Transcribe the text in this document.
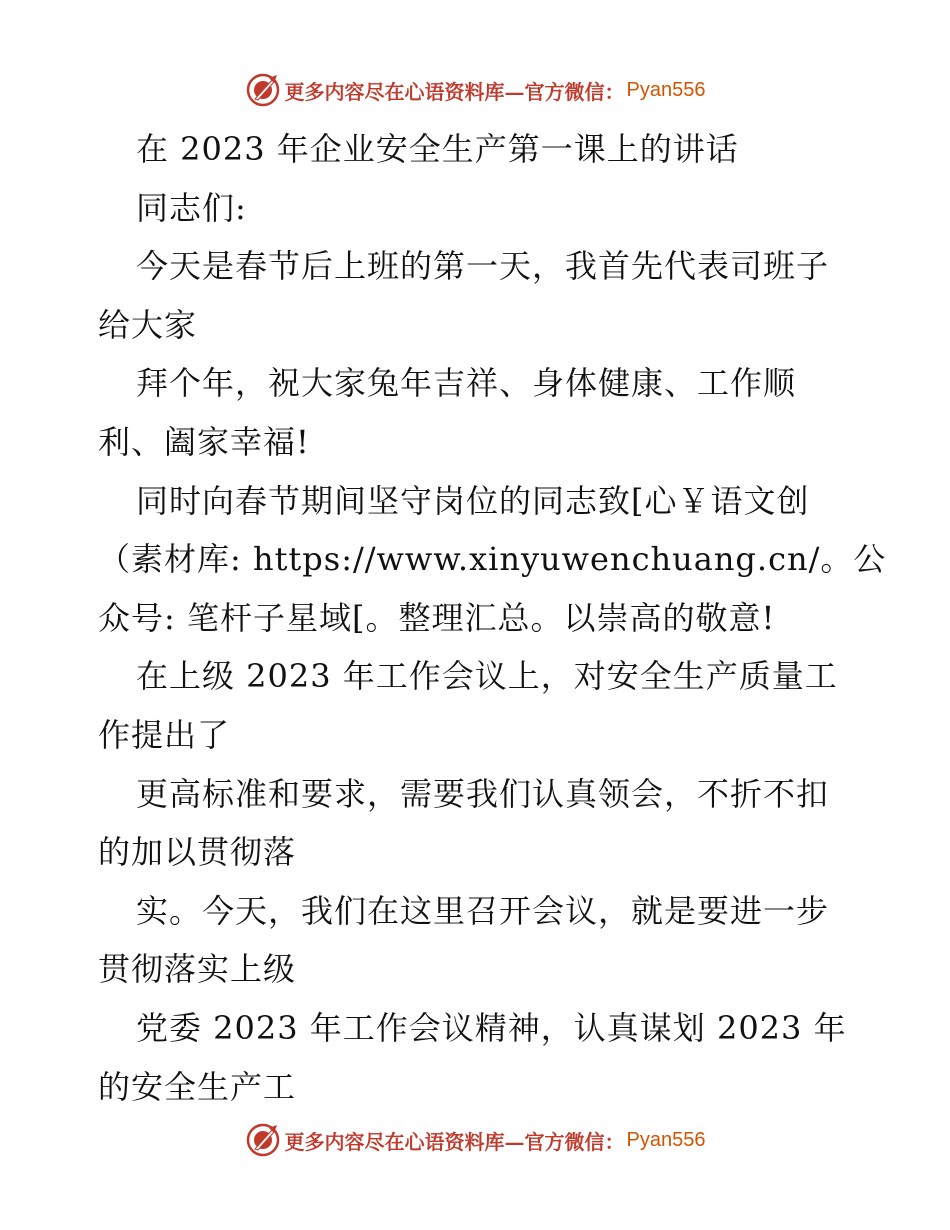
更多内容尽在心语资料库—官方微信： Pyan556
在 2023 年企业安全生产第一课上的讲话
同志们:
今天是春节后上班的第一天，我首先代表司班子
给大家
拜个年，祝大家兔年吉祥、身体健康、工作顺
利、阖家幸福!
同时向春节期间坚守岗位的同志致[心￥语文创
（素材库: https://www.xinyuwenchuang.cn/。公
众号: 笔杆子星域[。整理汇总。以崇高的敬意!
在上级 2023 年工作会议上，对安全生产质量工
作提出了
更高标准和要求，需要我们认真领会，不折不扣
的加以贯彻落
实。今天，我们在这里召开会议，就是要进一步
贯彻落实上级
党委 2023 年工作会议精神，认真谋划 2023 年
的安全生产工
更多内容尽在心语资料库—官方微信： Pyan556
